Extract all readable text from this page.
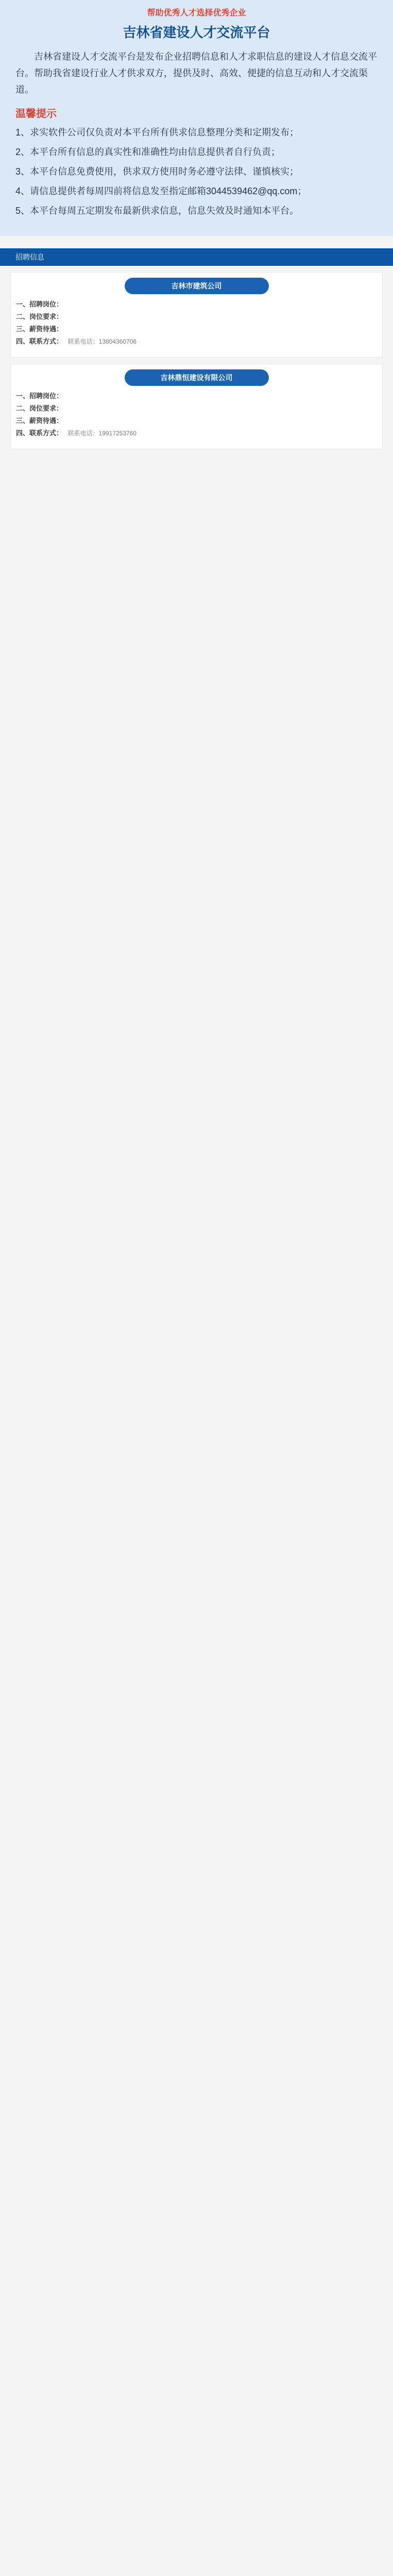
帮助优秀人才选择优秀企业
吉林省建设人才交流平台
吉林省建设人才交流平台是发布企业招聘信息和人才求职信息的建设人才信息交流平台。帮助我省建设行业人才供求双方，提供及时、高效、便捷的信息互动和人才交流渠道。
温馨提示
1、求实软件公司仅负责对本平台所有供求信息整理分类和定期发布；
2、本平台所有信息的真实性和准确性均由信息提供者自行负责；
3、本平台信息免费使用，供求双方使用时务必遵守法律、谨慎核实；
4、请信息提供者每周四前将信息发至指定邮箱3044539462@qq.com；
5、本平台每周五定期发布最新供求信息，信息失效及时通知本平台。
招聘信息
吉林市建筑公司
一、招聘岗位：
二、岗位要求：
三、薪资待遇：
四、联系方式： 联系电话：13804360706
吉林鼎恒建设有限公司
一、招聘岗位：
二、岗位要求：
三、薪资待遇：
四、联系方式： 联系电话：19917253760
